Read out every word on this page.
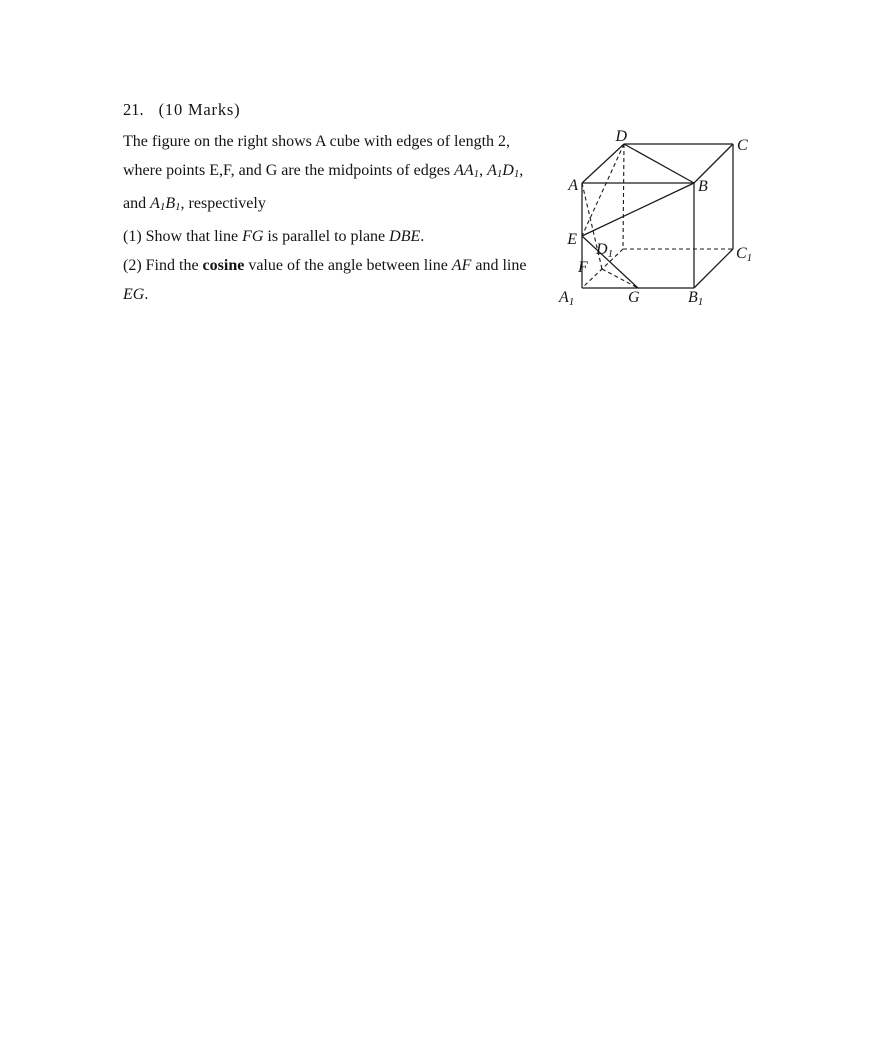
21. (10 Marks)
The figure on the right shows A cube with edges of length 2,
where points E,F, and G are the midpoints of edges AA1, A1D1,
and A1B1, respectively
(1) Show that line FG is parallel to plane DBE.
(2) Find the cosine value of the angle between line AF and line
EG.
D
C
A	B
E
D1	C1
F
A1	G	B1
